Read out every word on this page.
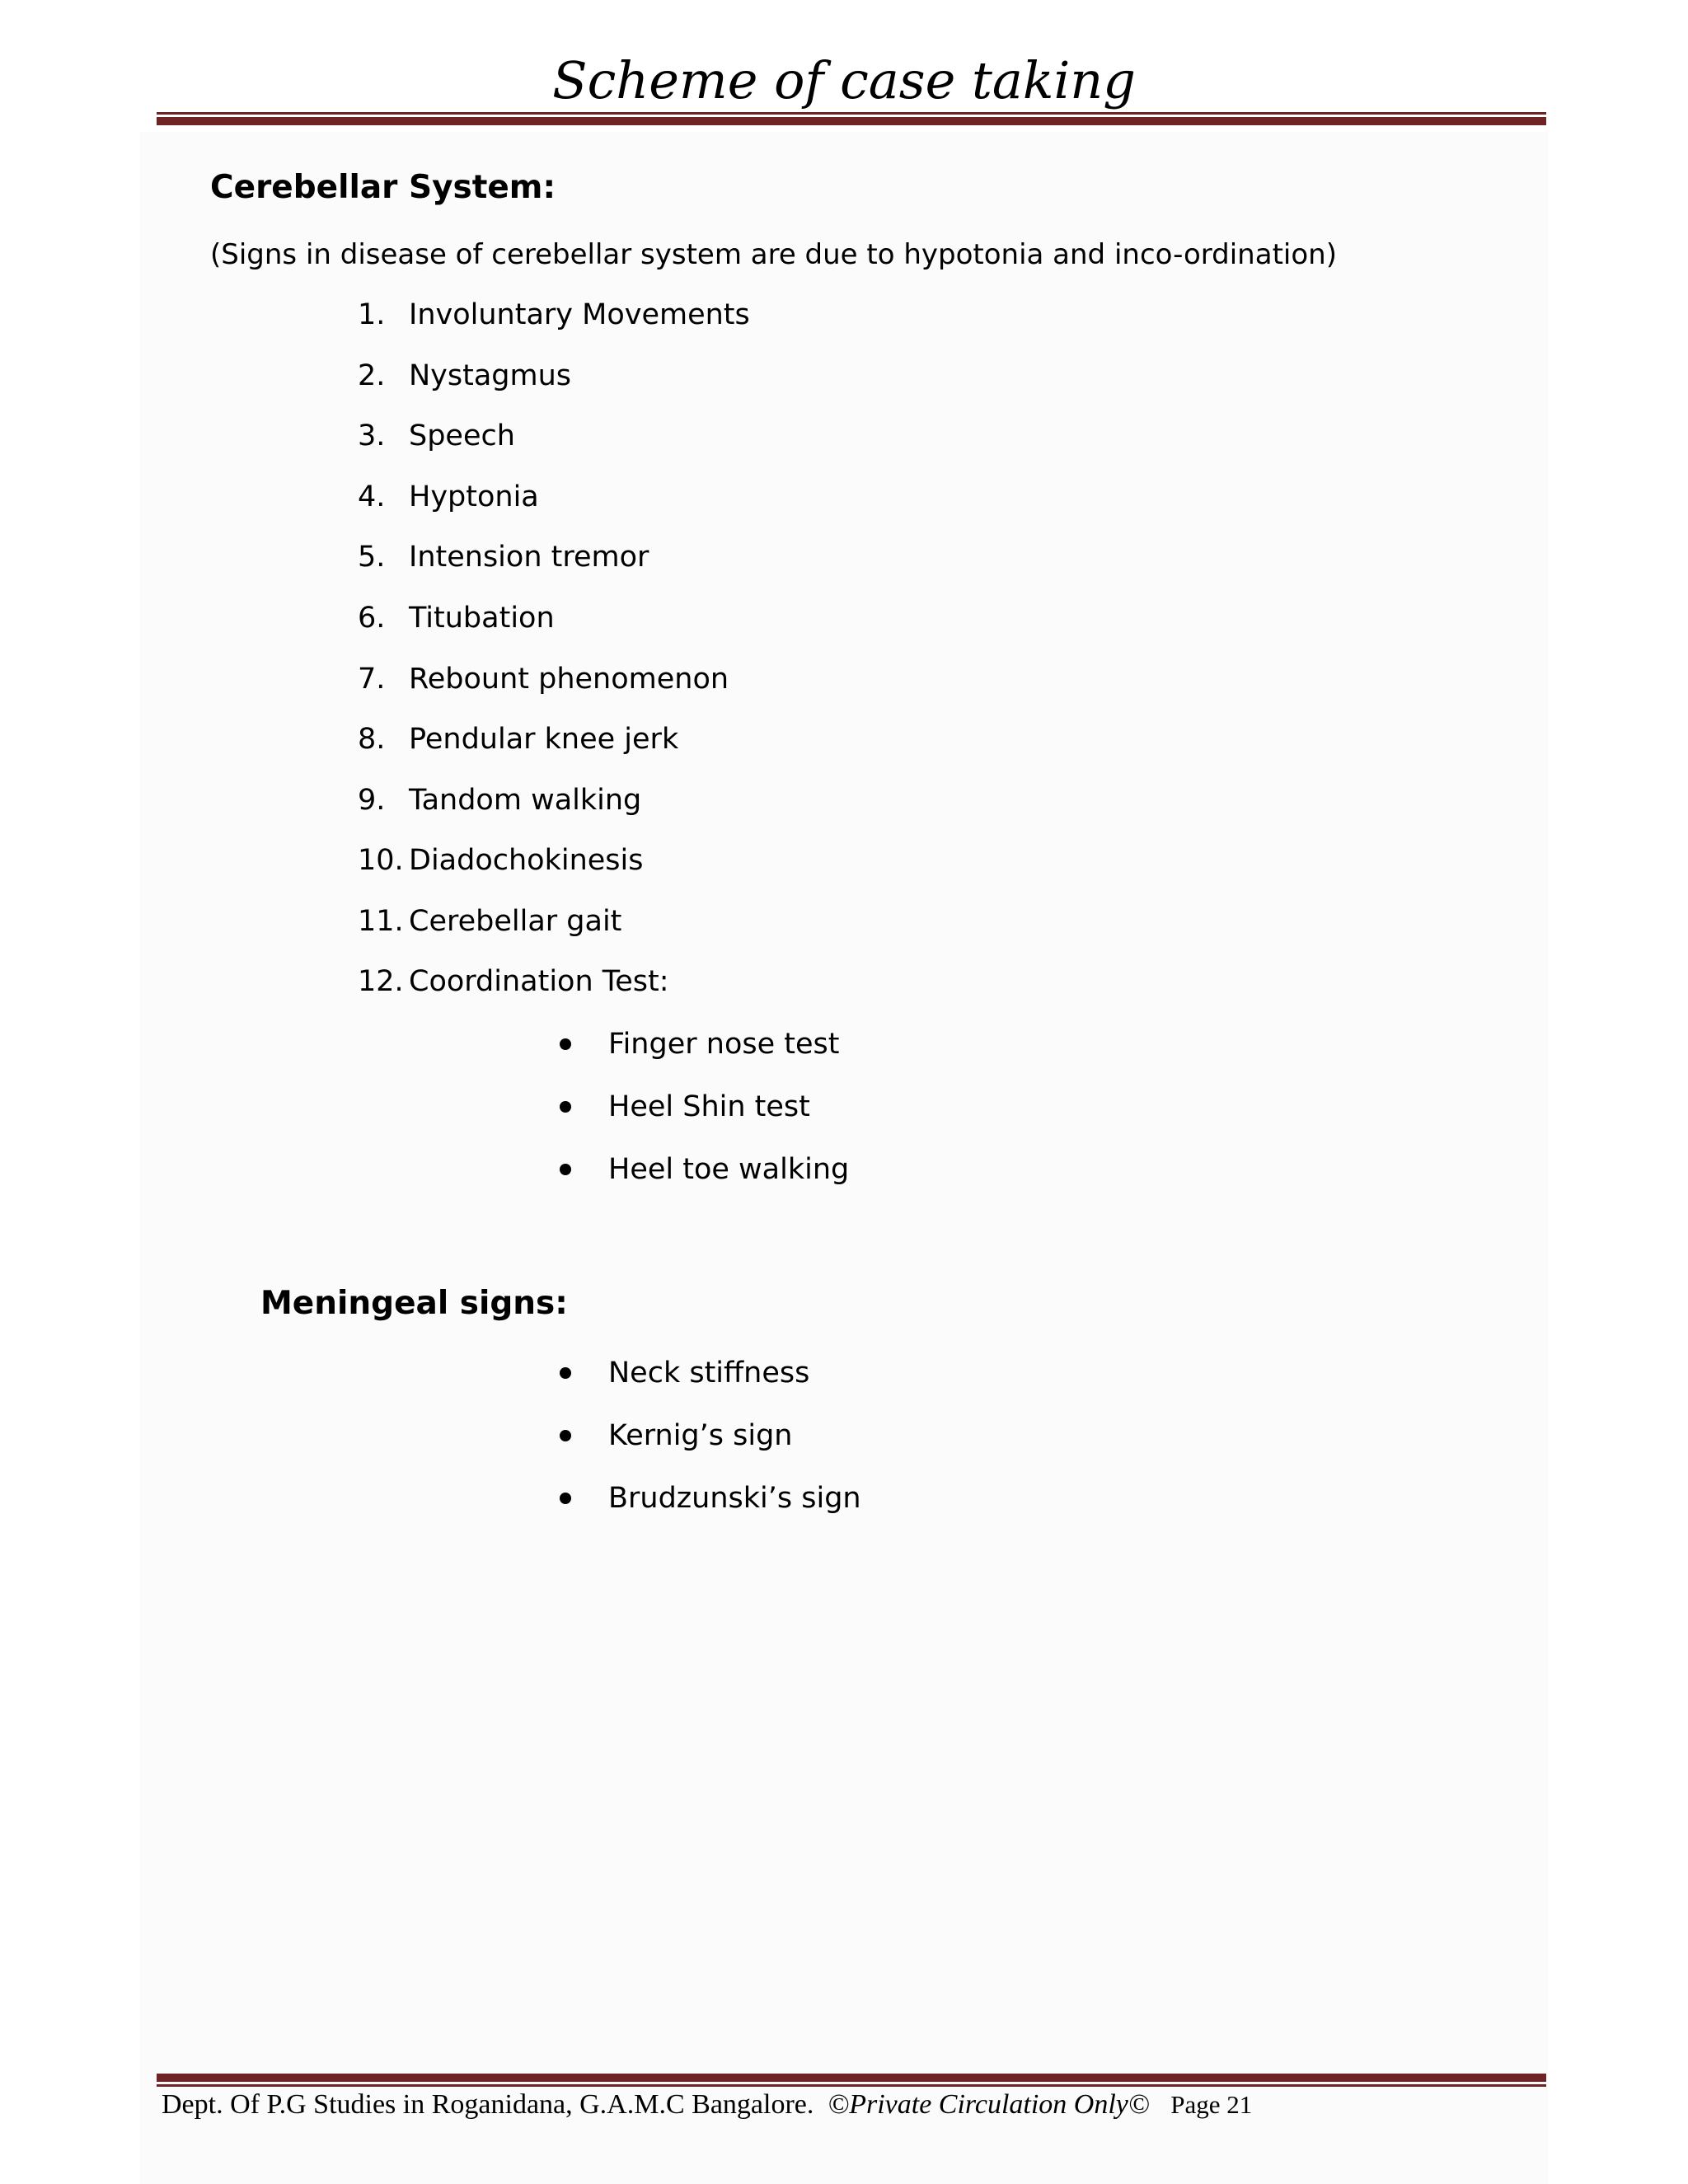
Scheme of case taking
Cerebellar System:
(Signs in disease of cerebellar system are due to hypotonia and inco-ordination)
1. Involuntary Movements
2. Nystagmus
3. Speech
4. Hyptonia
5. Intension tremor
6. Titubation
7. Rebount phenomenon
8. Pendular knee jerk
9. Tandom walking
10. Diadochokinesis
11. Cerebellar gait
12. Coordination Test:
Finger nose test
Heel Shin test
Heel toe walking
Meningeal signs:
Neck stiffness
Kernig’s sign
Brudzunski’s sign
Dept. Of P.G Studies in Roganidana, G.A.M.C Bangalore. ©Private Circulation Only© Page 21
